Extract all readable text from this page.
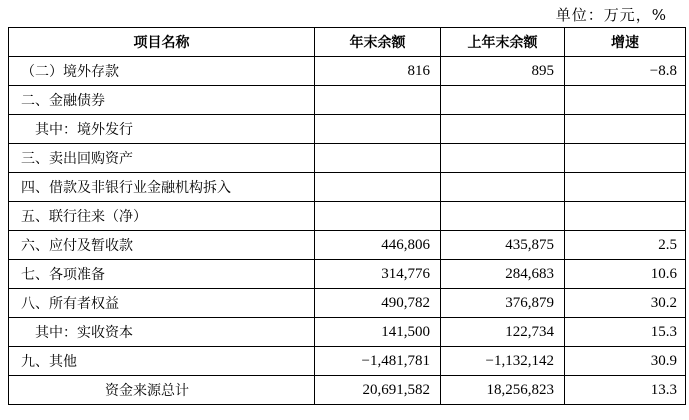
单位：万元，%
项目名称	年末余额	上年末余额	增速
（二）境外存款	816	895	−8.8
二、金融债券			
其中：境外发行			
三、卖出回购资产			
四、借款及非银行业金融机构拆入			
五、联行往来（净）			
六、应付及暂收款	446,806	435,875	2.5
七、各项准备	314,776	284,683	10.6
八、所有者权益	490,782	376,879	30.2
其中：实收资本	141,500	122,734	15.3
九、其他	−1,481,781	−1,132,142	30.9
资金来源总计	20,691,582	18,256,823	13.3
